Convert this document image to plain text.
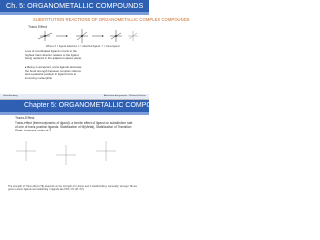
Ch. 5: ORGANOMETALLIC COMPOUNDS
SUBSTITUTION REACTIONS OF ORGANOMETALLIC COMPLEX COMPOUNDS
Trans Effect
Where X = ligand attached, L = attached ligand, Y = trans ligand
Loss of coordinated ligand is trans to the highest trans director relative to the ligand being replaced in the adjacent square plane.
▸ Being π-acceptors, trans ligands decrease the bond strength between complex cations and equatorial position in ligand trans to incoming nucleophile
Sinte Academy	Alternative Assignments - Platinum Fixtures
Chapter 5: ORGANOMETALLIC COMPOUNDS
Trans-Effect
Trans-effect (thermodynamic of ligand): a kinetic effect of ligand on substitution rate of one of trans position ligands. Stabilization of M(Metal), Stabilization of Transition
The strength of Trans-effect (TE) depends on the strength of σ-donor and π-backbonding. Generally, stronger TE are good σ-donor ligands and stabilizing π ligands like PR3, CO (Pt, Pd).
